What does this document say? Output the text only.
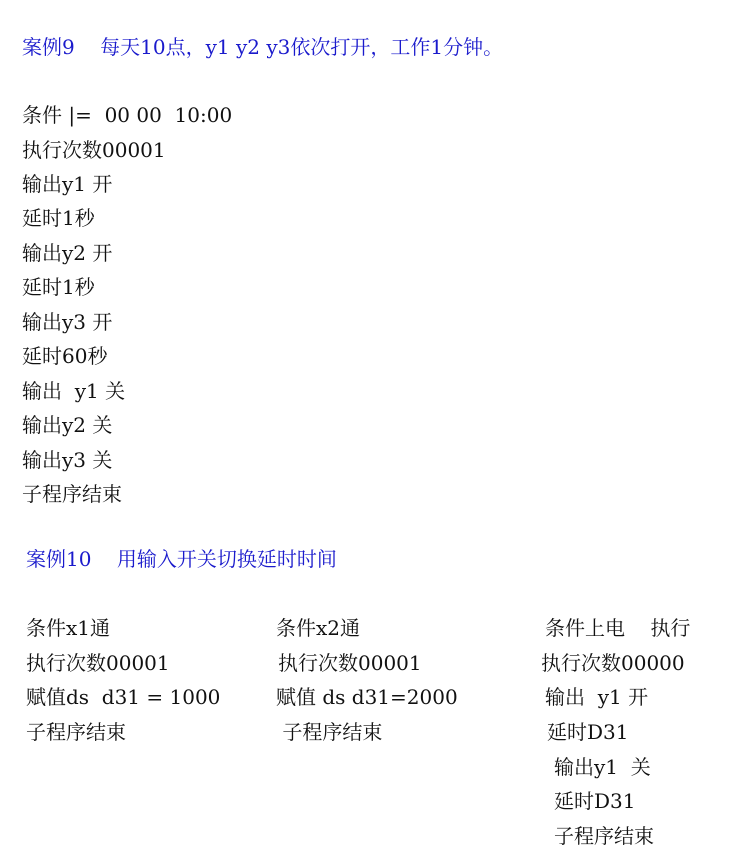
案例9    每天10点，y1 y2 y3依次打开，工作1分钟。
条件 |=  00 00  10:00
执行次数00001
输出y1 开
延时1秒
输出y2 开
延时1秒
输出y3 开
延时60秒
输出  y1 关
输出y2 关
输出y3 关
子程序结束
案例10    用输入开关切换延时时间
条件x1通
执行次数00001
赋值ds  d31 = 1000
子程序结束
条件x2通
执行次数00001
赋值 ds d31=2000
子程序结束
条件上电    执行
执行次数00000
输出  y1 开
延时D31
输出y1  关
延时D31
子程序结束
